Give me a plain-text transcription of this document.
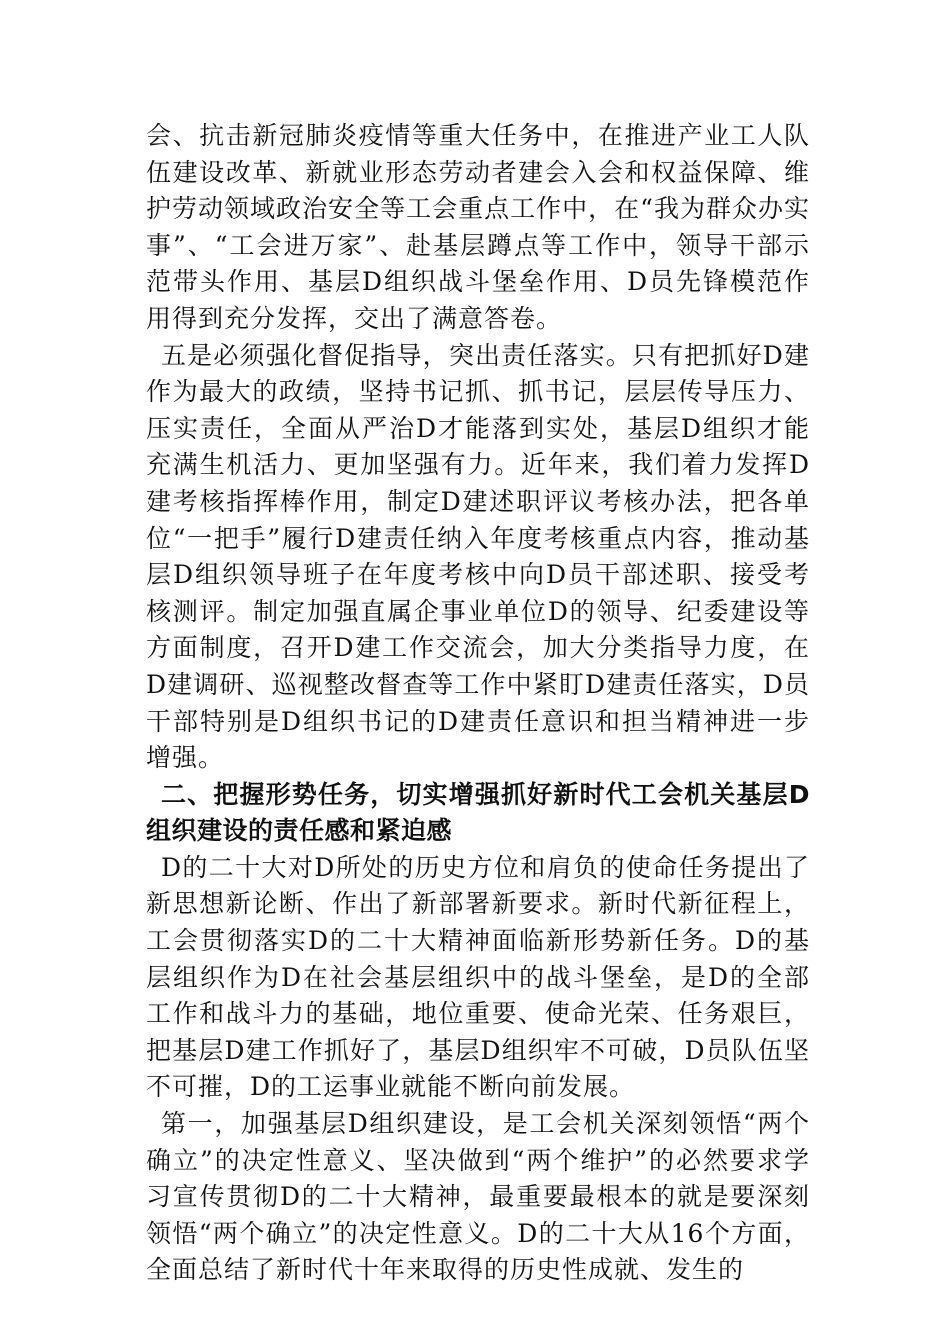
会、抗击新冠肺炎疫情等重大任务中，在推进产业工人队伍建设改革、新就业形态劳动者建会入会和权益保障、维护劳动领域政治安全等工会重点工作中，在“我为群众办实事”、“工会进万家”、赴基层蹲点等工作中，领导干部示范带头作用、基层D组织战斗堡垒作用、D员先锋模范作用得到充分发挥，交出了满意答卷。

五是必须强化督促指导，突出责任落实。只有把抓好D建作为最大的政绩，坚持书记抓、抓书记，层层传导压力、压实责任，全面从严治D才能落到实处，基层D组织才能充满生机活力、更加坚强有力。近年来，我们着力发挥D建考核指挥棒作用，制定D建述职评议考核办法，把各单位“一把手”履行D建责任纳入年度考核重点内容，推动基层D组织领导班子在年度考核中向D员干部述职、接受考核测评。制定加强直属企事业单位D的领导、纪委建设等方面制度，召开D建工作交流会，加大分类指导力度，在D建调研、巡视整改督查等工作中紧盯D建责任落实，D员干部特别是D组织书记的D建责任意识和担当精神进一步增强。

二、把握形势任务，切实增强抓好新时代工会机关基层D组织建设的责任感和紧迫感

D的二十大对D所处的历史方位和肩负的使命任务提出了新思想新论断、作出了新部署新要求。新时代新征程上，工会贯彻落实D的二十大精神面临新形势新任务。D的基层组织作为D在社会基层组织中的战斗堡垒，是D的全部工作和战斗力的基础，地位重要、使命光荣、任务艰巨，把基层D建工作抓好了，基层D组织牢不可破，D员队伍坚不可摧，D的工运事业就能不断向前发展。

第一，加强基层D组织建设，是工会机关深刻领悟“两个确立”的决定性意义、坚决做到“两个维护”的必然要求学习宣传贯彻D的二十大精神，最重要最根本的就是要深刻领悟“两个确立”的决定性意义。D的二十大从16个方面，全面总结了新时代十年来取得的历史性成就、发生的
